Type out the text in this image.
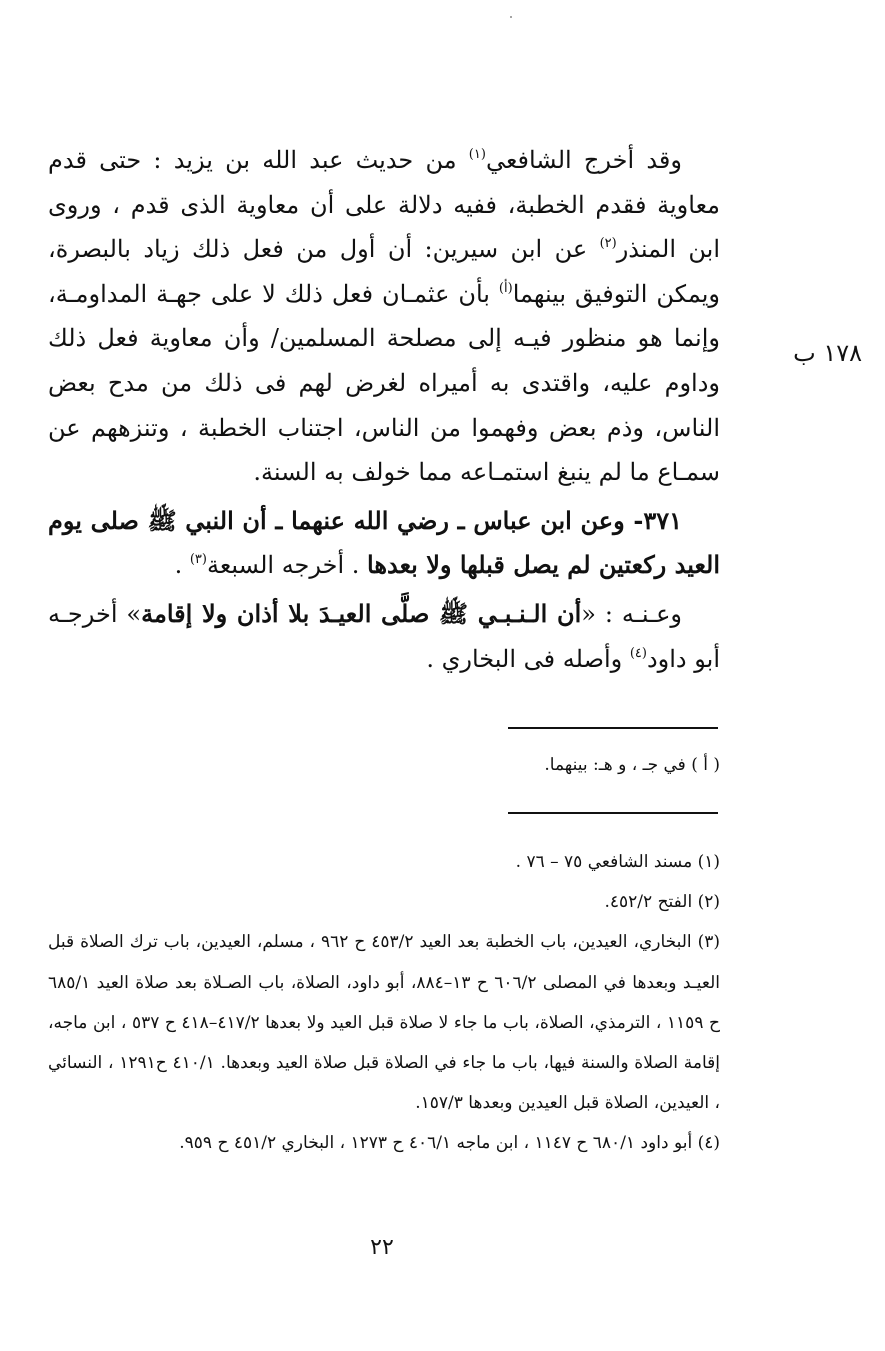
١٧٨ ب

وقد أخرج الشافعي$^{(١)}$ من حديث عبد الله بن يزيد : حتى قدم معاوية فقدم الخطبة، ففيه دلالة على أن معاوية الذى قدم ، وروى ابن المنذر$^{(٢)}$ عن ابن سيرين: أن أول من فعل ذلك زياد بالبصرة، ويمكن التوفيق بينهما$^{(أ)}$ بأن عثمـان فعل ذلك لا على جهـة المداومـة، وإنما هو منظور فيـه إلى مصلحة المسلمين/ وأن معاوية فعل ذلك وداوم عليه، واقتدى به أميراه لغرض لهم فى ذلك من مدح بعض الناس، وذم بعض وفهموا من الناس، اجتناب الخطبة ، وتنزههم عن سمـاع ما لم ينبغ استمـاعه مما خولف به السنة.

٣٧١- وعن ابن عباس ـ رضي الله عنهما ـ أن النبي ﷺ صلى يوم العيد ركعتين لم يصل قبلها ولا بعدها . أخرجه السبعة$^{(٣)}$ .

وعـنـه : «أن الـنـبـي ﷺ صلَّى العيـدَ بلا أذان ولا إقامة» أخرجـه أبو داود$^{(٤)}$ وأصله فى البخاري .

( أ ) في جـ ، و هـ: بينهما.

(١) مسند الشافعي ٧٥ – ٧٦ .

(٢) الفتح ٤٥٢/٢.

(٣) البخاري، العيدين، باب الخطبة بعد العيد ٤٥٣/٢ ح ٩٦٢ ، مسلم، العيدين، باب ترك الصلاة قبل العيـد وبعدها في المصلى ٦٠٦/٢ ح ١٣–٨٨٤، أبو داود، الصلاة، باب الصـلاة بعد صلاة العيد ٦٨٥/١ ح ١١٥٩ ، الترمذي، الصلاة، باب ما جاء لا صلاة قبل العيد ولا بعدها ٤١٧/٢–٤١٨ ح ٥٣٧ ، ابن ماجه، إقامة الصلاة والسنة فيها، باب ما جاء في الصلاة قبل صلاة العيد وبعدها. ٤١٠/١ ح١٢٩١ ، النسائي ، العيدين، الصلاة قبل العيدين وبعدها ١٥٧/٣.

(٤) أبو داود ٦٨٠/١ ح ١١٤٧ ، ابن ماجه ٤٠٦/١ ح ١٢٧٣ ، البخاري ٤٥١/٢ ح ٩٥٩.

٢٢
